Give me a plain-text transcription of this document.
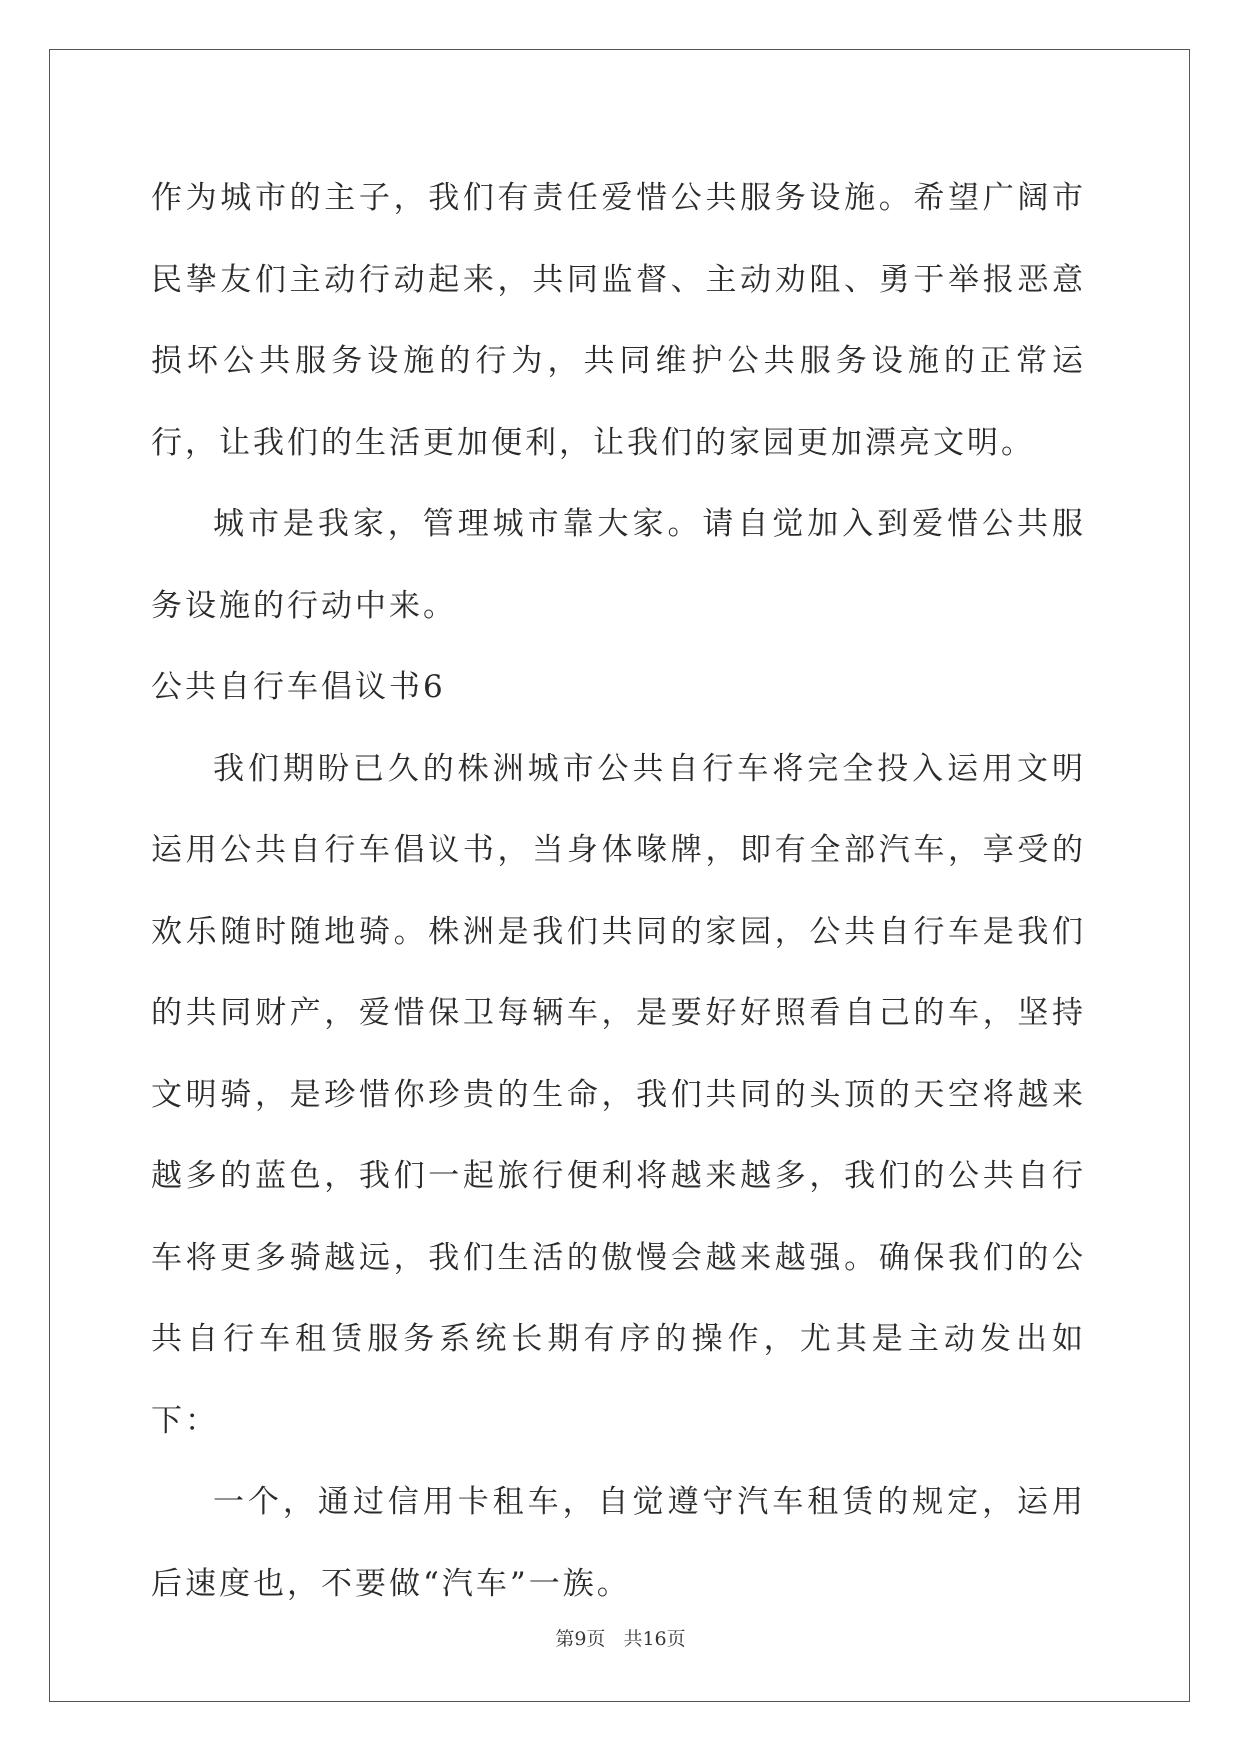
作为城市的主子，我们有责任爱惜公共服务设施。希望广阔市民挚友们主动行动起来，共同监督、主动劝阻、勇于举报恶意损坏公共服务设施的行为，共同维护公共服务设施的正常运行，让我们的生活更加便利，让我们的家园更加漂亮文明。

城市是我家，管理城市靠大家。请自觉加入到爱惜公共服务设施的行动中来。

公共自行车倡议书6

我们期盼已久的株洲城市公共自行车将完全投入运用文明运用公共自行车倡议书，当身体喙牌，即有全部汽车，享受的欢乐随时随地骑。株洲是我们共同的家园，公共自行车是我们的共同财产，爱惜保卫每辆车，是要好好照看自己的车，坚持文明骑，是珍惜你珍贵的生命，我们共同的头顶的天空将越来越多的蓝色，我们一起旅行便利将越来越多，我们的公共自行车将更多骑越远，我们生活的傲慢会越来越强。确保我们的公共自行车租赁服务系统长期有序的操作，尤其是主动发出如下：

一个，通过信用卡租车，自觉遵守汽车租赁的规定，运用后速度也，不要做“汽车”一族。

第9页 共16页
